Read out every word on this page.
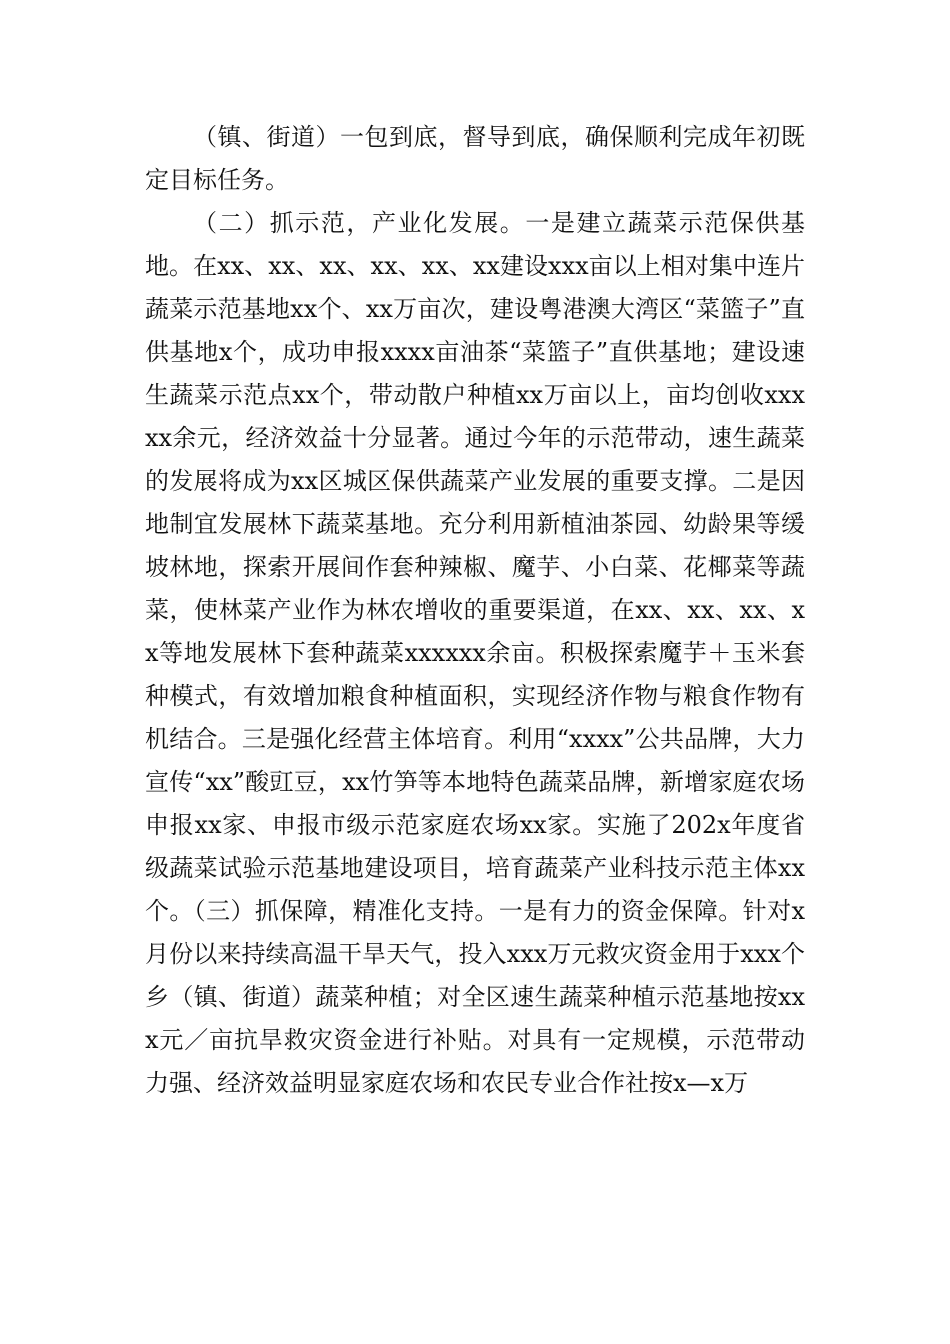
（镇、街道）一包到底，督导到底，确保顺利完成年初既定目标任务。

（二）抓示范，产业化发展。一是建立蔬菜示范保供基地。在xx、xx、xx、xx、xx、xx建设xxx亩以上相对集中连片蔬菜示范基地xx个、xx万亩次，建设粤港澳大湾区“菜篮子”直供基地x个，成功申报xxxx亩油茶“菜篮子”直供基地；建设速生蔬菜示范点xx个，带动散户种植xx万亩以上，亩均创收xxxxx余元，经济效益十分显著。通过今年的示范带动，速生蔬菜的发展将成为xx区城区保供蔬菜产业发展的重要支撑。二是因地制宜发展林下蔬菜基地。充分利用新植油茶园、幼龄果等缓坡林地，探索开展间作套种辣椒、魔芋、小白菜、花椰菜等蔬菜，使林菜产业作为林农增收的重要渠道，在xx、xx、xx、xx等地发展林下套种蔬菜xxxxxx余亩。积极探索魔芋＋玉米套种模式，有效增加粮食种植面积，实现经济作物与粮食作物有机结合。三是强化经营主体培育。利用“xxxx”公共品牌，大力宣传“xx”酸豇豆，xx竹笋等本地特色蔬菜品牌，新增家庭农场申报xx家、申报市级示范家庭农场xx家。实施了202x年度省级蔬菜试验示范基地建设项目，培育蔬菜产业科技示范主体xx个。（三）抓保障，精准化支持。一是有力的资金保障。针对x月份以来持续高温干旱天气，投入xxx万元救灾资金用于xxx个乡（镇、街道）蔬菜种植；对全区速生蔬菜种植示范基地按xxx元／亩抗旱救灾资金进行补贴。对具有一定规模，示范带动力强、经济效益明显家庭农场和农民专业合作社按x—x万
